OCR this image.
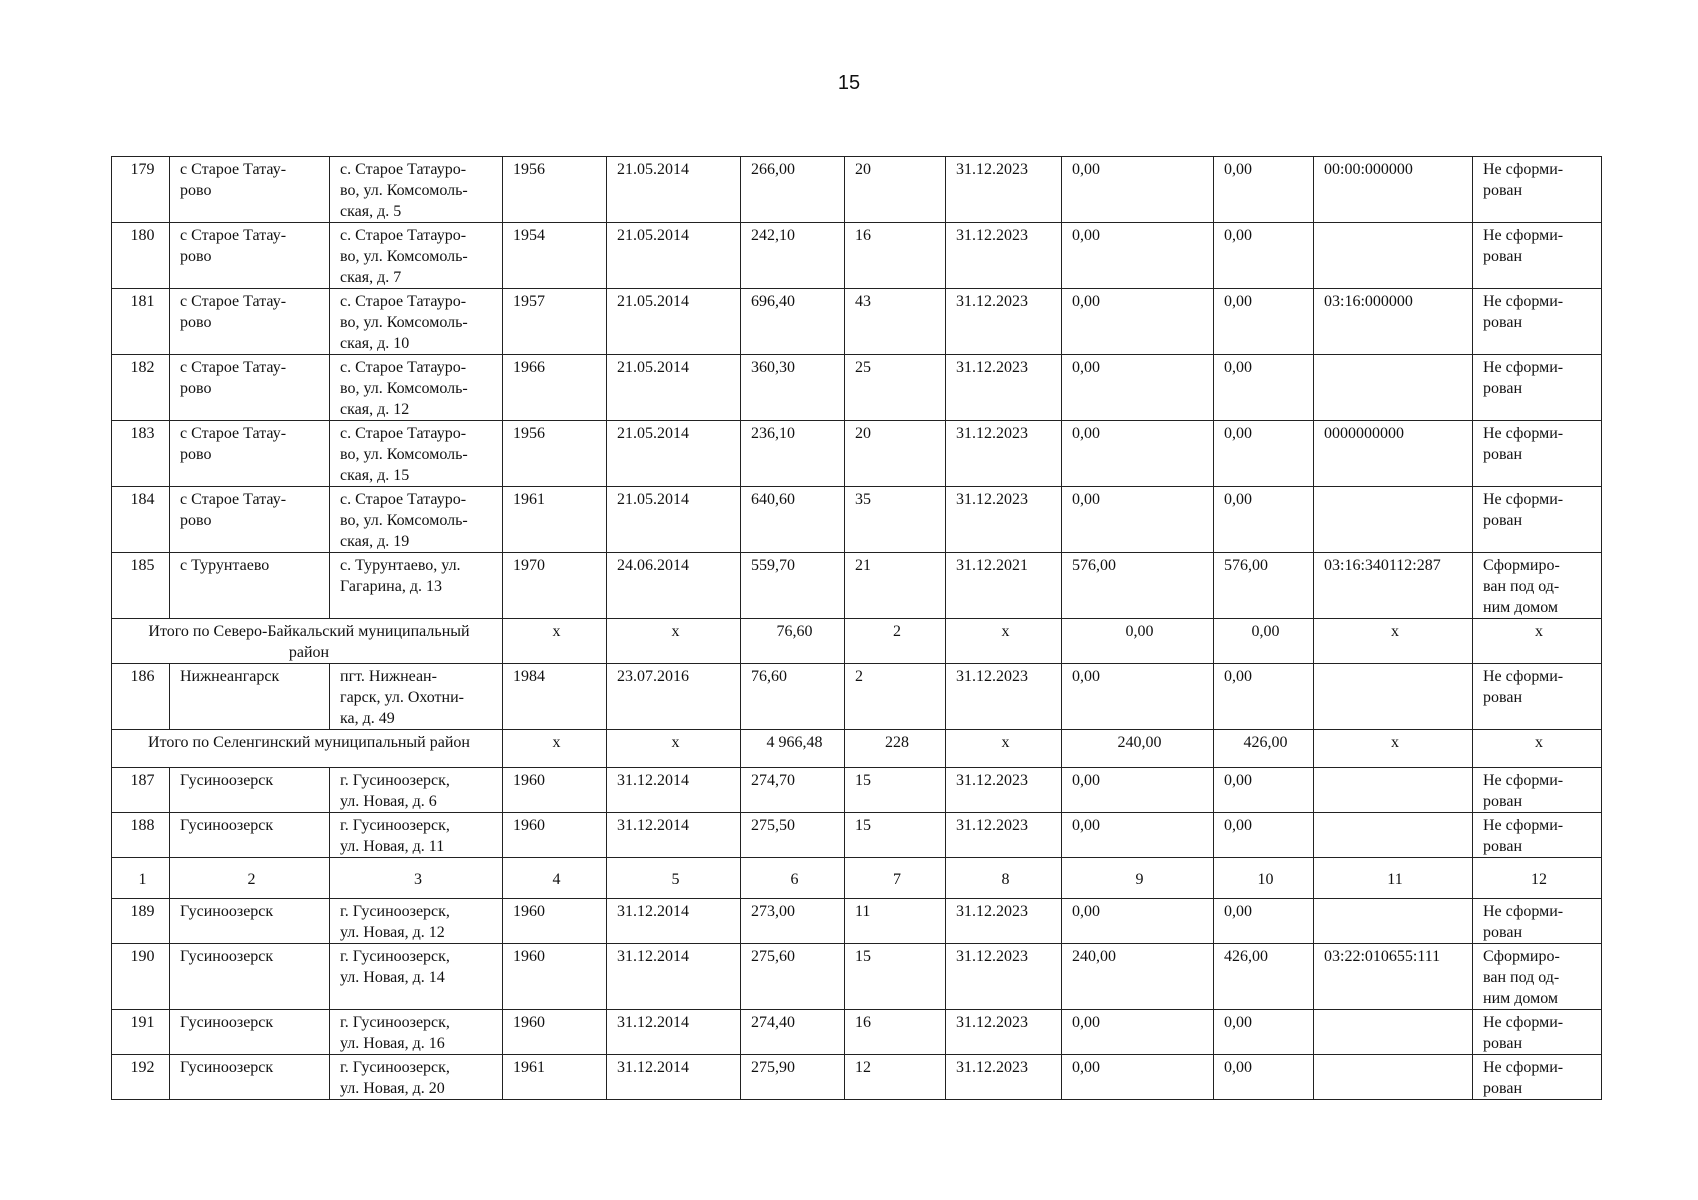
15
179	с Старое Татау-
рово	с. Старое Татауро-
во, ул. Комсомоль-
ская, д. 5	1956	21.05.2014	266,00	20	31.12.2023	0,00	0,00	00:00:000000	Не сформи-
рован
180	с Старое Татау-
рово	с. Старое Татауро-
во, ул. Комсомоль-
ская, д. 7	1954	21.05.2014	242,10	16	31.12.2023	0,00	0,00		Не сформи-
рован
181	с Старое Татау-
рово	с. Старое Татауро-
во, ул. Комсомоль-
ская, д. 10	1957	21.05.2014	696,40	43	31.12.2023	0,00	0,00	03:16:000000	Не сформи-
рован
182	с Старое Татау-
рово	с. Старое Татауро-
во, ул. Комсомоль-
ская, д. 12	1966	21.05.2014	360,30	25	31.12.2023	0,00	0,00		Не сформи-
рован
183	с Старое Татау-
рово	с. Старое Татауро-
во, ул. Комсомоль-
ская, д. 15	1956	21.05.2014	236,10	20	31.12.2023	0,00	0,00	0000000000	Не сформи-
рован
184	с Старое Татау-
рово	с. Старое Татауро-
во, ул. Комсомоль-
ская, д. 19	1961	21.05.2014	640,60	35	31.12.2023	0,00	0,00		Не сформи-
рован
185	с Турунтаево	с. Турунтаево, ул.
Гагарина, д. 13	1970	24.06.2014	559,70	21	31.12.2021	576,00	576,00	03:16:340112:287	Сформиро-
ван под од-
ним домом
Итого по Северо-Байкальский муниципальный
район			x	x	76,60	2	x	0,00	0,00	x	x
186	Нижнеангарск	пгт. Нижнеан-
гарск, ул. Охотни-
ка, д. 49	1984	23.07.2016	76,60	2	31.12.2023	0,00	0,00		Не сформи-
рован
Итого по Селенгинский муниципальный район			x	x	4 966,48	228	x	240,00	426,00	x	x
187	Гусиноозерск	г. Гусиноозерск,
ул. Новая, д. 6	1960	31.12.2014	274,70	15	31.12.2023	0,00	0,00		Не сформи-
рован
188	Гусиноозерск	г. Гусиноозерск,
ул. Новая, д. 11	1960	31.12.2014	275,50	15	31.12.2023	0,00	0,00		Не сформи-
рован
1	2	3	4	5	6	7	8	9	10	11	12
189	Гусиноозерск	г. Гусиноозерск,
ул. Новая, д. 12	1960	31.12.2014	273,00	11	31.12.2023	0,00	0,00		Не сформи-
рован
190	Гусиноозерск	г. Гусиноозерск,
ул. Новая, д. 14	1960	31.12.2014	275,60	15	31.12.2023	240,00	426,00	03:22:010655:111	Сформиро-
ван под од-
ним домом
191	Гусиноозерск	г. Гусиноозерск,
ул. Новая, д. 16	1960	31.12.2014	274,40	16	31.12.2023	0,00	0,00		Не сформи-
рован
192	Гусиноозерск	г. Гусиноозерск,
ул. Новая, д. 20	1961	31.12.2014	275,90	12	31.12.2023	0,00	0,00		Не сформи-
рован
